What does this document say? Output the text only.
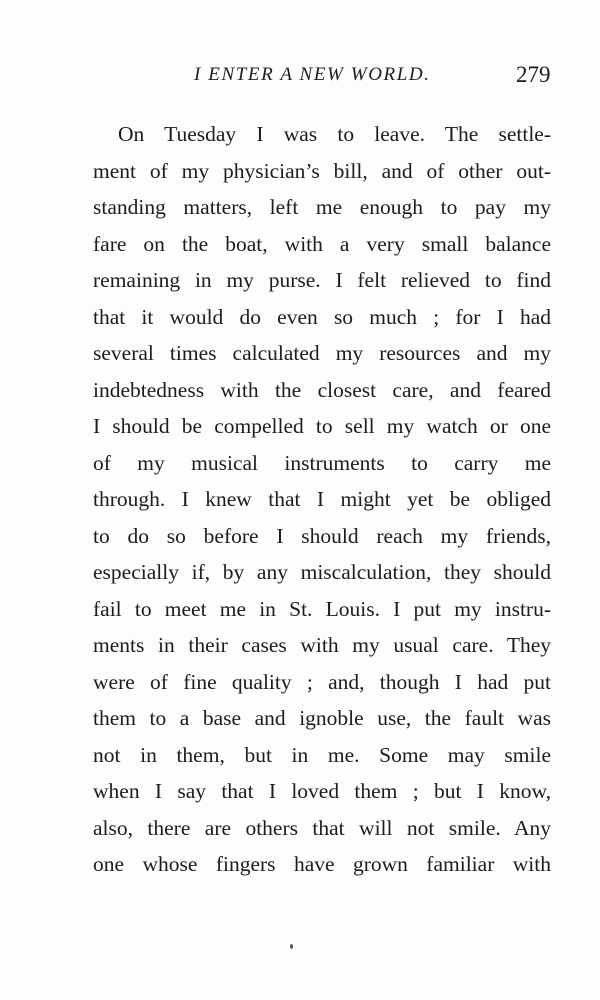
I ENTER A NEW WORLD.	279
On Tuesday I was to leave. The settle-
ment of my physician’s bill, and of other out-
standing matters, left me enough to pay my
fare on the boat, with a very small balance
remaining in my purse. I felt relieved to find
that it would do even so much ; for I had
several times calculated my resources and my
indebtedness with the closest care, and feared
I should be compelled to sell my watch or one
of my musical instruments to carry me
through. I knew that I might yet be obliged
to do so before I should reach my friends,
especially if, by any miscalculation, they should
fail to meet me in St. Louis. I put my instru-
ments in their cases with my usual care. They
were of fine quality ; and, though I had put
them to a base and ignoble use, the fault was
not in them, but in me. Some may smile
when I say that I loved them ; but I know,
also, there are others that will not smile. Any
one whose fingers have grown familiar with
